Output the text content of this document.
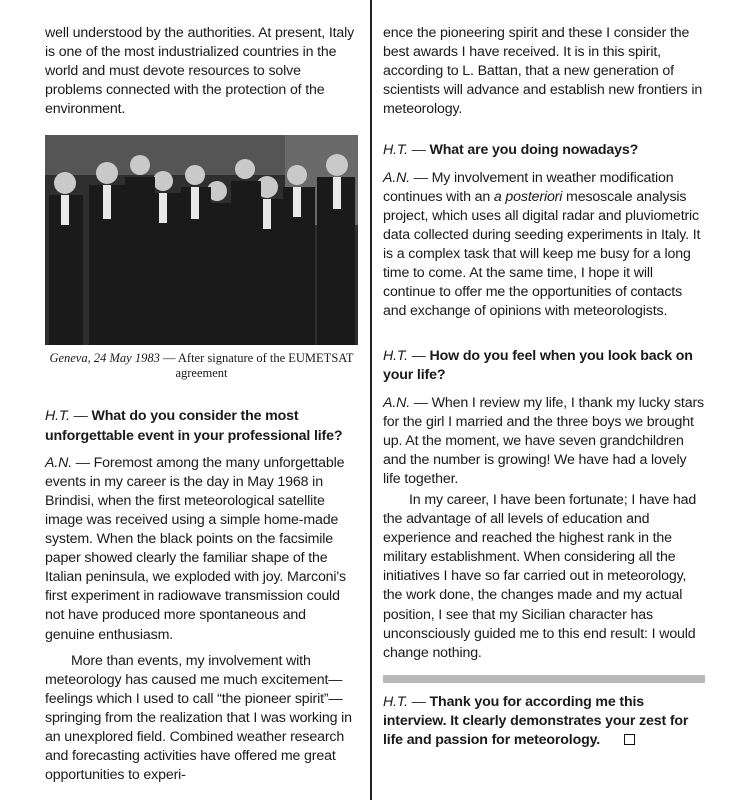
well understood by the authorities. At present, Italy is one of the most industrialized countries in the world and must devote resources to solve problems connected with the protection of the environment.

Geneva, 24 May 1983 — After signature of the EUMETSAT agreement

H.T. — What do you consider the most unforgettable event in your professional life?

A.N. — Foremost among the many unforgettable events in my career is the day in May 1968 in Brindisi, when the first meteorological satellite image was received using a simple home-made system. When the black points on the facsimile paper showed clearly the familiar shape of the Italian peninsula, we exploded with joy. Marconi's first experiment in radiowave transmission could not have produced more spontaneous and genuine enthusiasm.

More than events, my involvement with meteorology has caused me much excitement—feelings which I used to call “the pioneer spirit”—springing from the realization that I was working in an unexplored field. Combined weather research and forecasting activities have offered me great opportunities to experi-

ence the pioneering spirit and these I consider the best awards I have received. It is in this spirit, according to L. Battan, that a new generation of scientists will advance and establish new frontiers in meteorology.

H.T. — What are you doing nowadays?

A.N. — My involvement in weather modification continues with an a posteriori mesoscale analysis project, which uses all digital radar and pluviometric data collected during seeding experiments in Italy. It is a complex task that will keep me busy for a long time to come. At the same time, I hope it will continue to offer me the opportunities of contacts and exchange of opinions with meteorologists.

H.T. — How do you feel when you look back on your life?

A.N. — When I review my life, I thank my lucky stars for the girl I married and the three boys we brought up. At the moment, we have seven grandchildren and the number is growing! We have had a lovely life together.

In my career, I have been fortunate; I have had the advantage of all levels of education and experience and reached the highest rank in the military establishment. When considering all the initiatives I have so far carried out in meteorology, the work done, the changes made and my actual position, I see that my Sicilian character has unconsciously guided me to this end result: I would change nothing.

H.T. — Thank you for according me this interview. It clearly demonstrates your zest for life and passion for meteorology.
